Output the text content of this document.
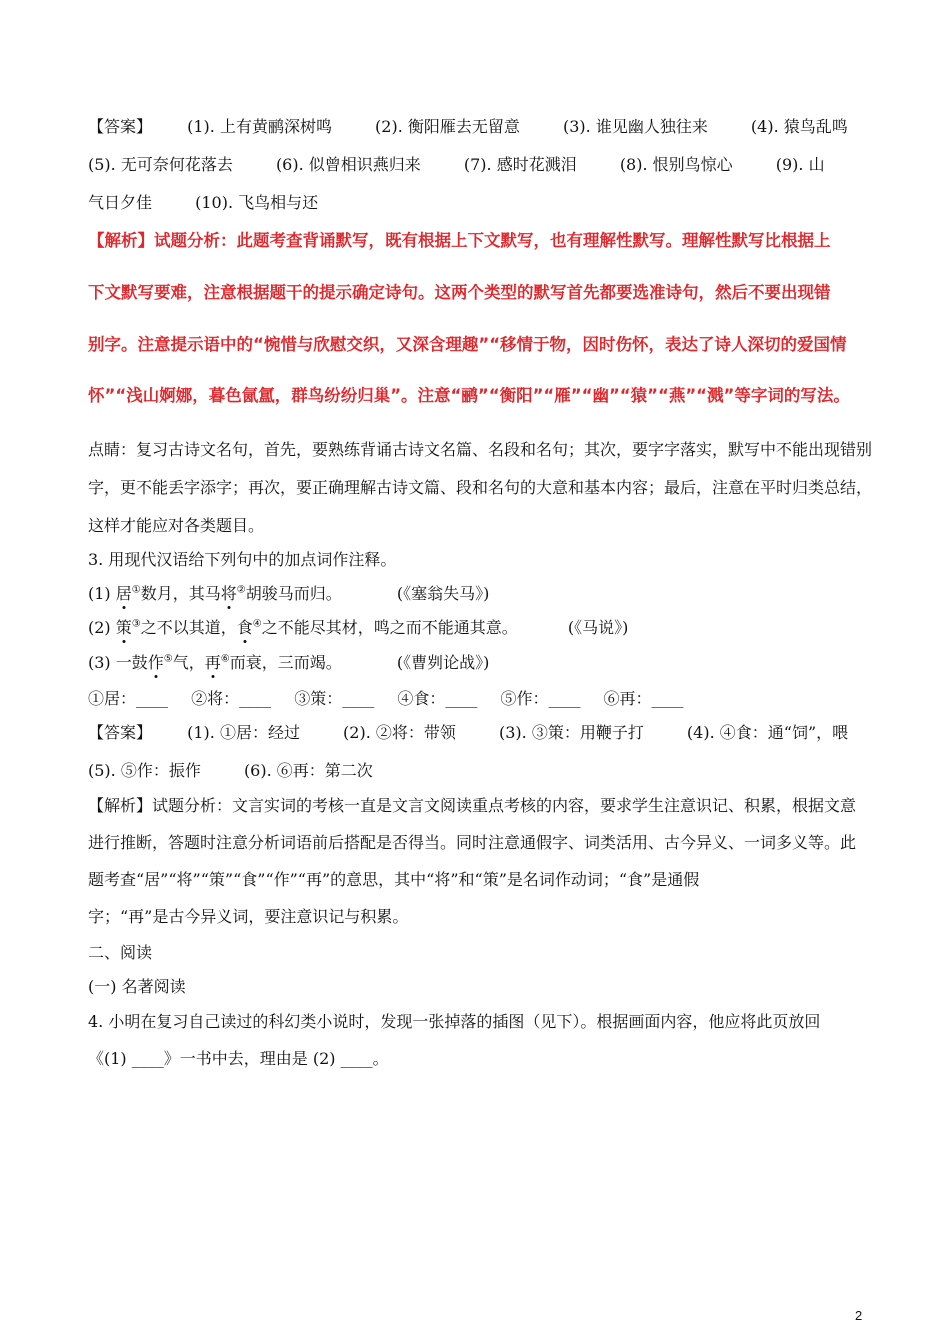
【答案】 (1). 上有黄鹂深树鸣	(2). 衡阳雁去无留意	(3). 谁见幽人独往来	(4). 猿鸟乱鸣
(5). 无可奈何花落去	(6). 似曾相识燕归来	(7). 感时花溅泪	(8). 恨别鸟惊心	(9). 山
气日夕佳	(10). 飞鸟相与还
【解析】试题分析：此题考查背诵默写，既有根据上下文默写，也有理解性默写。理解性默写比根据上
下文默写要难，注意根据题干的提示确定诗句。这两个类型的默写首先都要选准诗句，然后不要出现错
别字。注意提示语中的“惋惜与欣慰交织，又深含理趣”“移情于物，因时伤怀，表达了诗人深切的爱国情
怀”“浅山婀娜，暮色氤氲，群鸟纷纷归巢”。注意“鹂”“衡阳”“雁”“幽”“猿”“燕”“溅”等字词的写法。
点睛：复习古诗文名句，首先，要熟练背诵古诗文名篇、名段和名句；其次，要字字落实，默写中不能出现错别
字，更不能丢字添字；再次，要正确理解古诗文篇、段和名句的大意和基本内容；最后，注意在平时归类总结，
这样才能应对各类题目。
3. 用现代汉语给下列句中的加点词作注释。
(1) 居①数月，其马将②胡骏马而归。	(《塞翁失马》)
(2) 策③之不以其道，食④之不能尽其材，鸣之而不能通其意。	(《马说》)
(3) 一鼓作⑤气，再⑥而衰，三而竭。	(《曹刿论战》)
①居：____ ②将：____ ③策：____ ④食：____ ⑤作：____ ⑥再：____
【答案】 (1). ①居：经过	(2). ②将：带领	(3). ③策：用鞭子打	(4). ④食：通“饲”，喂
(5). ⑤作：振作	(6). ⑥再：第二次
【解析】试题分析：文言实词的考核一直是文言文阅读重点考核的内容，要求学生注意识记、积累，根据文意
进行推断，答题时注意分析词语前后搭配是否得当。同时注意通假字、词类活用、古今异义、一词多义等。此
题考查“居”“将”“策”“食”“作”“再”的意思，其中“将”和“策”是名词作动词；“食”是通假
字；“再”是古今异义词，要注意识记与积累。
二、阅读
(一) 名著阅读
4. 小明在复习自己读过的科幻类小说时，发现一张掉落的插图（见下）。根据画面内容，他应将此页放回
《(1) ____》一书中去，理由是 (2) ____。
2
